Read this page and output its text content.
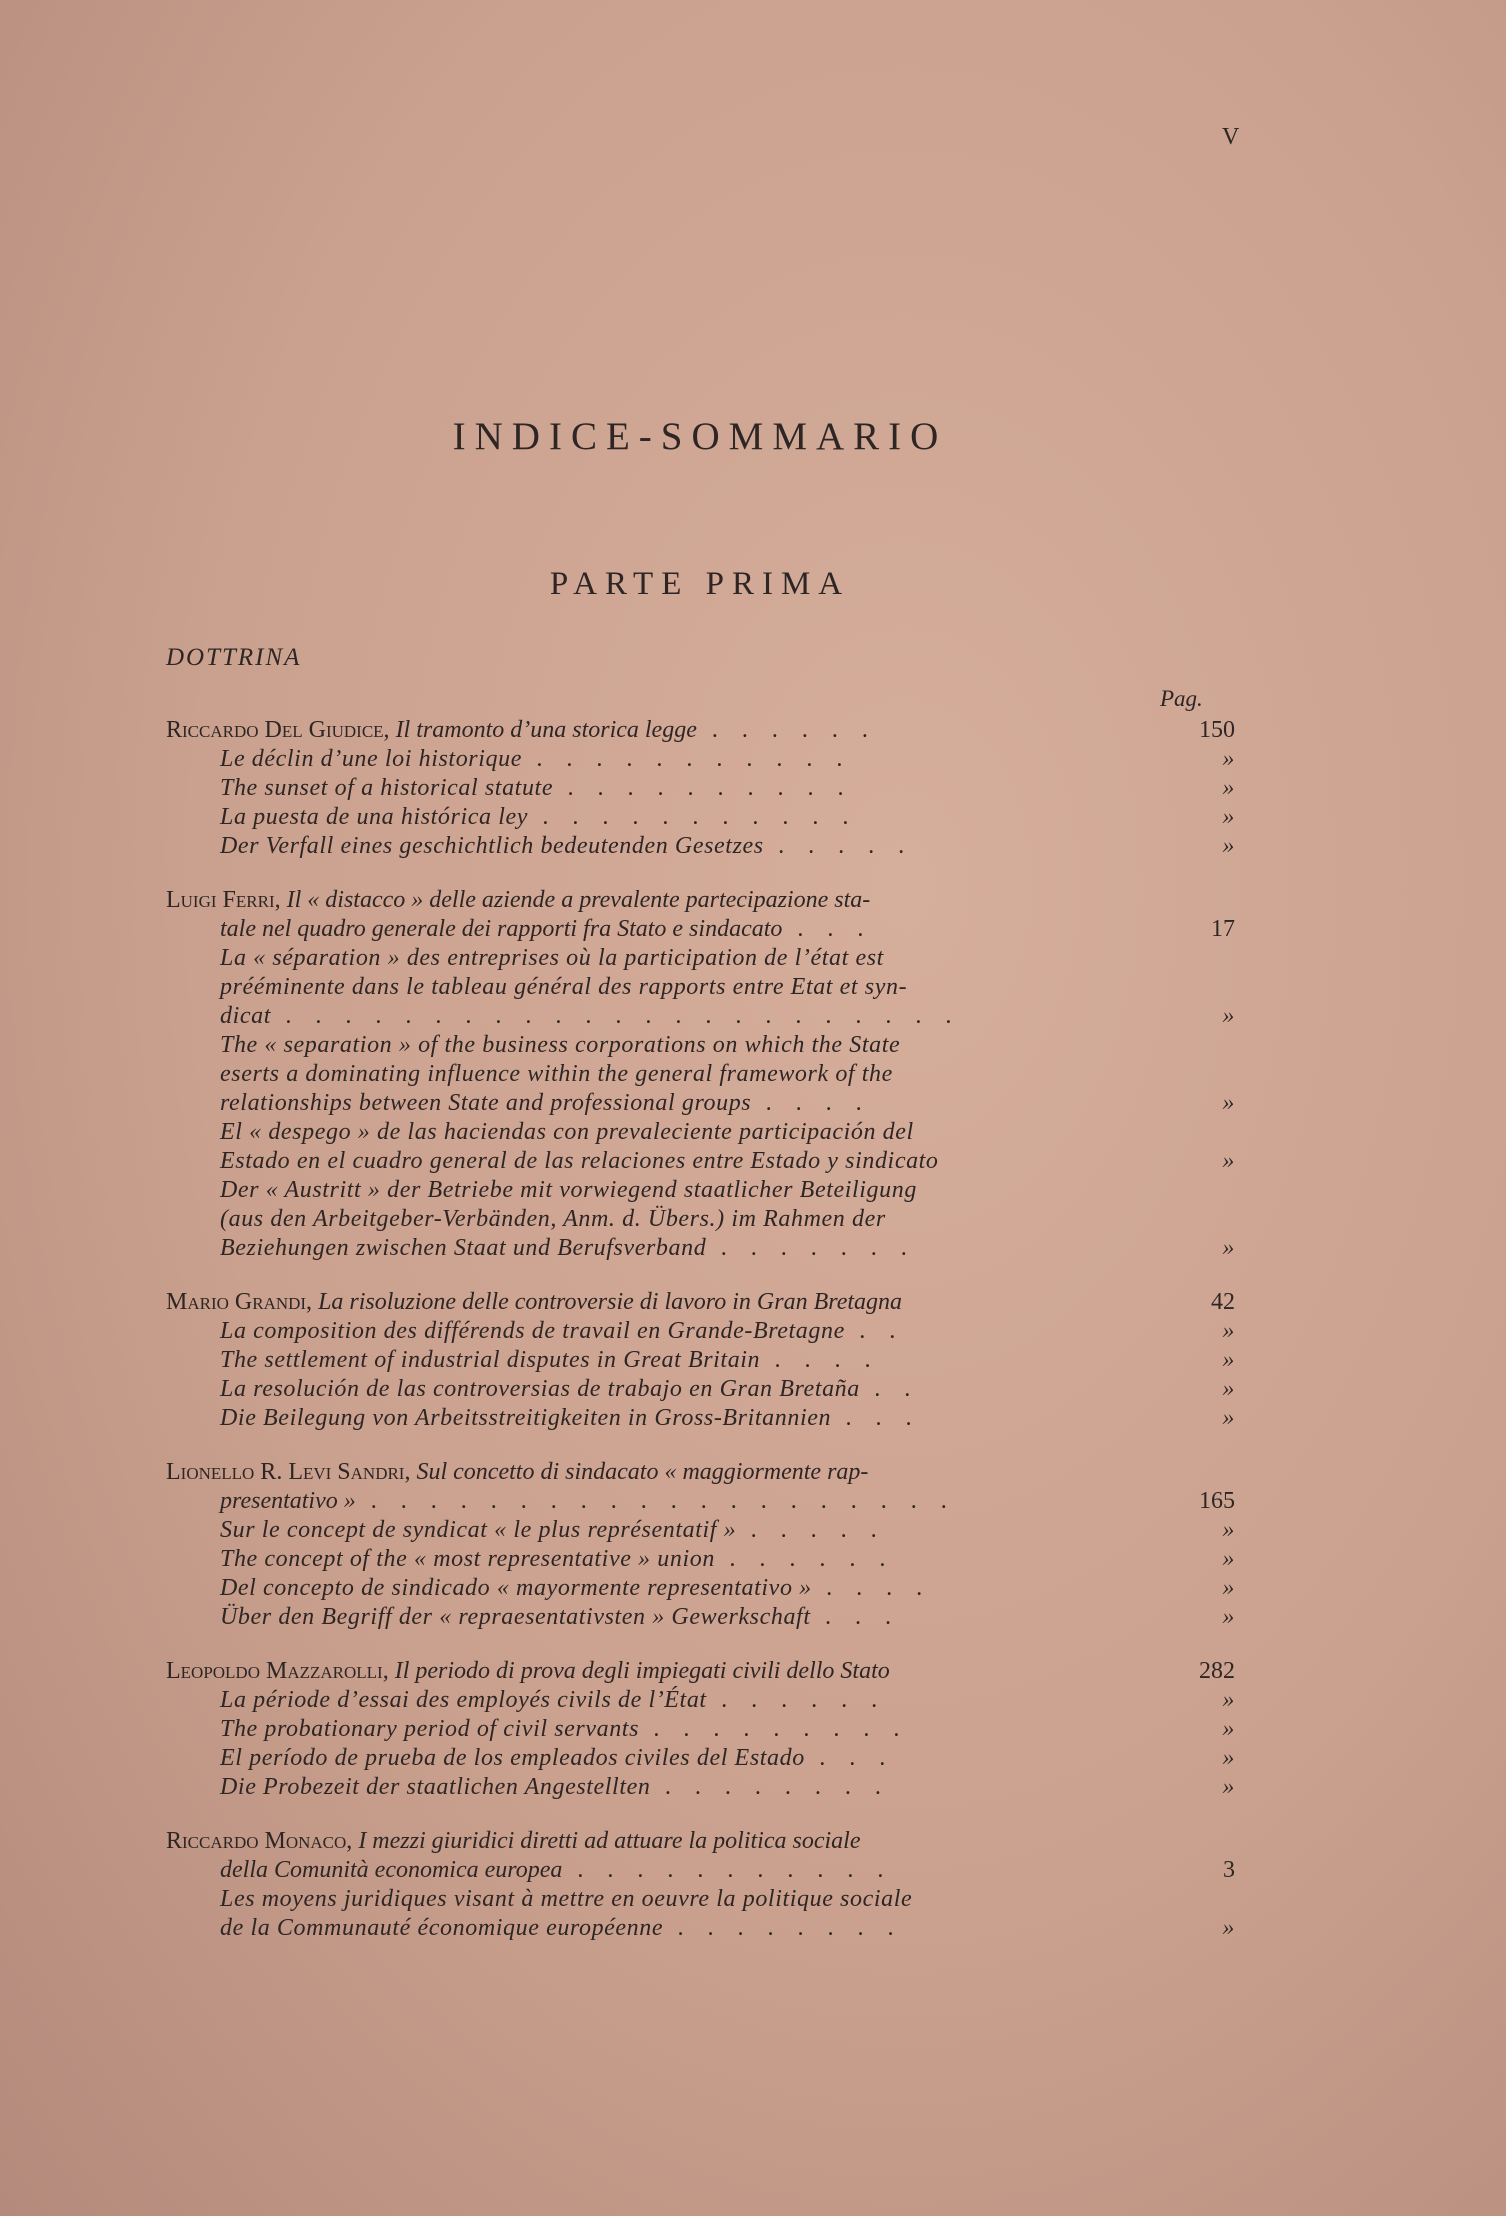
V
INDICE-SOMMARIO
PARTE PRIMA
DOTTRINA
Pag.
Riccardo Del Giudice, Il tramonto d’una storica legge . . . . . .	150
Le déclin d’une loi historique . . . . . . . . . . .	»
The sunset of a historical statute . . . . . . . . . .	»
La puesta de una histórica ley . . . . . . . . . . .	»
Der Verfall eines geschichtlich bedeutenden Gesetzes . . . . .	»
Luigi Ferri, Il « distacco » delle aziende a prevalente partecipazione sta-
tale nel quadro generale dei rapporti fra Stato e sindacato . . .	17
La « séparation » des entreprises où la participation de l’état est
prééminente dans le tableau général des rapports entre Etat et syn-
dicat . . . . . . . . . . . . . . . . . . . . . . .	»
The « separation » of the business corporations on which the State
eserts a dominating influence within the general framework of the
relationships between State and professional groups . . . .	»
El « despego » de las haciendas con prevaleciente participación del
Estado en el cuadro general de las relaciones entre Estado y sindicato	»
Der « Austritt » der Betriebe mit vorwiegend staatlicher Beteiligung
(aus den Arbeitgeber-Verbänden, Anm. d. Übers.) im Rahmen der
Beziehungen zwischen Staat und Berufsverband . . . . . . .	»
Mario Grandi, La risoluzione delle controversie di lavoro in Gran Bretagna	42
La composition des différends de travail en Grande-Bretagne . .	»
The settlement of industrial disputes in Great Britain . . . .	»
La resolución de las controversias de trabajo en Gran Bretaña . .	»
Die Beilegung von Arbeitsstreitigkeiten in Gross-Britannien . . .	»
Lionello R. Levi Sandri, Sul concetto di sindacato « maggiormente rap-
presentativo » . . . . . . . . . . . . . . . . . . . .	165
Sur le concept de syndicat « le plus représentatif » . . . . .	»
The concept of the « most representative » union . . . . . .	»
Del concepto de sindicado « mayormente representativo » . . . .	»
Über den Begriff der « repraesentativsten » Gewerkschaft . . .	»
Leopoldo Mazzarolli, Il periodo di prova degli impiegati civili dello Stato	282
La période d’essai des employés civils de l’État . . . . . .	»
The probationary period of civil servants . . . . . . . . .	»
El período de prueba de los empleados civiles del Estado . . .	»
Die Probezeit der staatlichen Angestellten . . . . . . . .	»
Riccardo Monaco, I mezzi giuridici diretti ad attuare la politica sociale
della Comunità economica europea . . . . . . . . . . .	3
Les moyens juridiques visant à mettre en oeuvre la politique sociale
de la Communauté économique européenne . . . . . . . .	»
